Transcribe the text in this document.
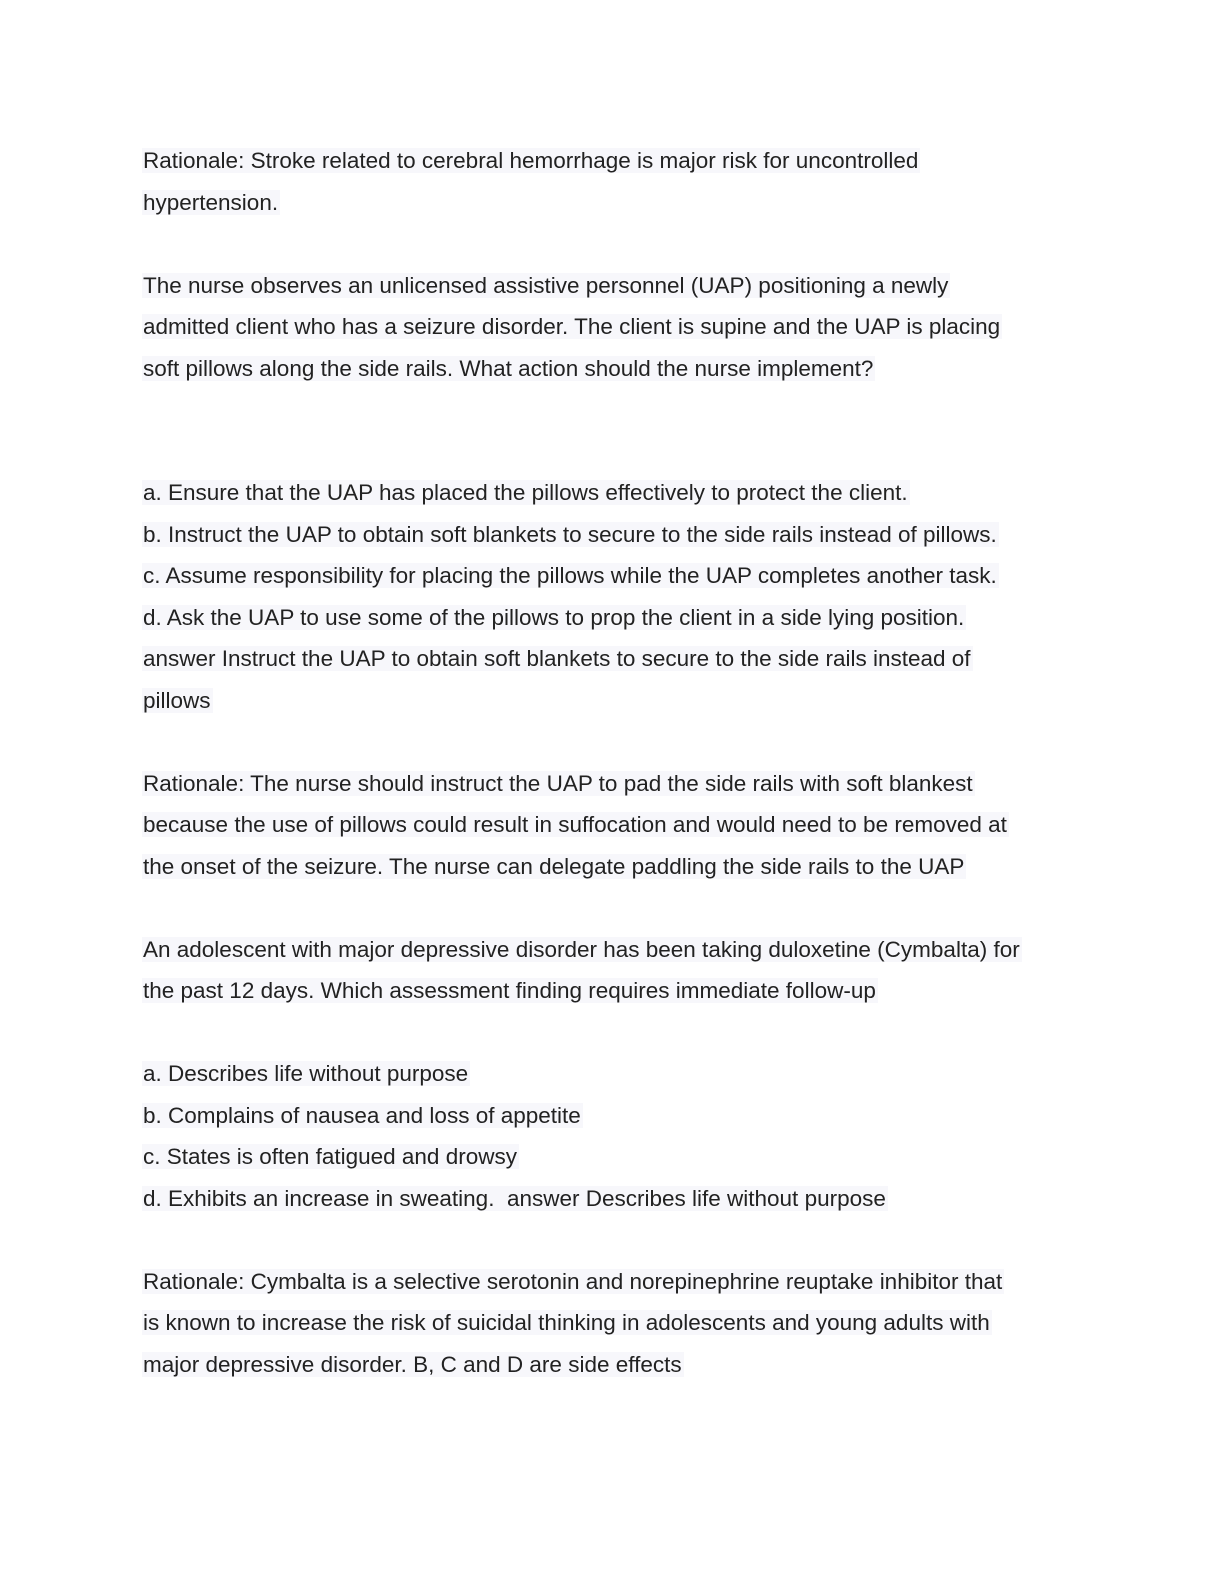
Rationale: Stroke related to cerebral hemorrhage is major risk for uncontrolled
hypertension.
The nurse observes an unlicensed assistive personnel (UAP) positioning a newly
admitted client who has a seizure disorder. The client is supine and the UAP is placing
soft pillows along the side rails. What action should the nurse implement?
a. Ensure that the UAP has placed the pillows effectively to protect the client.
b. Instruct the UAP to obtain soft blankets to secure to the side rails instead of pillows.
c. Assume responsibility for placing the pillows while the UAP completes another task.
d. Ask the UAP to use some of the pillows to prop the client in a side lying position.
answer Instruct the UAP to obtain soft blankets to secure to the side rails instead of
pillows
Rationale: The nurse should instruct the UAP to pad the side rails with soft blankest
because the use of pillows could result in suffocation and would need to be removed at
the onset of the seizure. The nurse can delegate paddling the side rails to the UAP
An adolescent with major depressive disorder has been taking duloxetine (Cymbalta) for
the past 12 days. Which assessment finding requires immediate follow-up
a. Describes life without purpose
b. Complains of nausea and loss of appetite
c. States is often fatigued and drowsy
d. Exhibits an increase in sweating.  answer Describes life without purpose
Rationale: Cymbalta is a selective serotonin and norepinephrine reuptake inhibitor that
is known to increase the risk of suicidal thinking in adolescents and young adults with
major depressive disorder. B, C and D are side effects
